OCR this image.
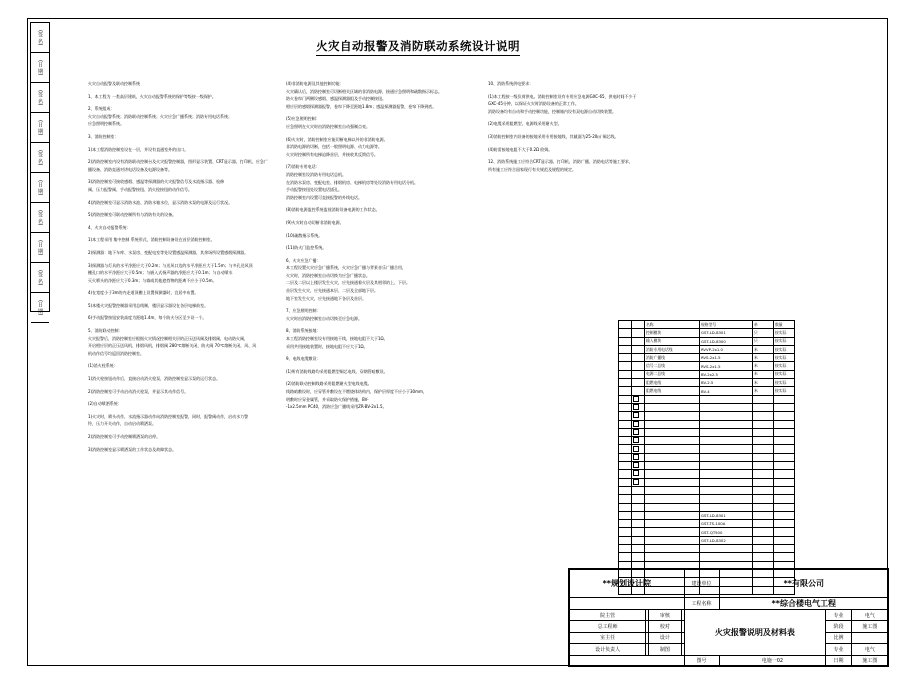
(签 名)
(日 期)
(签 名)
(日 期)
(签 名)
(日 期)
(签 名)
(日 期)
(签 名)
(日 期)
火灾自动报警及消防联动系统设计说明

火灾自动报警及联动控制系统

1、本工程为 一类高层建筑，火灾自动报警系统的保护等级按一级保护。

2、系统组成：

火灾自动报警系统；消防联动控制系统；火灾应急广播系统；消防专用电话系统；

应急照明控制系统。

3、消防控制室：

1)本工程消防控制室设在一层，并设有直通室外的出口。

2)消防控制室内设有消防联动控制台及火灾报警控制器，图形显示装置、CRT显示器、打印机、应急广

播设备、消防直通对讲电话设备及电源设备等。

3)消防控制室可接收感烟、感温等探测器的火灾报警信号及水流指示器、检修

阀、压力报警阀、手动报警按钮、消火栓按钮的动作信号。

4)消防控制室可显示消防水池、消防水箱水位，显示消防水泵的电源及运行状况。

5)消防控制室可联动控制所有与消防有关的设备。

4、火灾自动报警系统：

1)本工程采用 集中控制 系统形式，消防控制设备设在首层消防控制室。

2)探测器：地下车库、水泵房、变配电室等处设置感温探测器，其余场所设置感烟探测器。

3)探测器与灯具的水平净距应大于0.2m；与送风口边的水平净距应大于1.5m；与多孔送风顶

棚孔口的水平净距应大于0.5m；与嵌入式扬声器的净距应大于0.1m；与自动喷水

灭火喷头的净距应大于0.3m；与墙或其他遮挡物的距离不应小于0.5m。

4)在宽度小于3m的内走道顶棚上设置探测器时，宜居中布置。

5)本楼火灾报警控制器采用总线制，楼层显示器设在各层电梯前室。

6)手动报警按钮安装高度为距地1.4m，每个防火分区至少设一个。

5、消防联动控制：

火灾报警后，消防控制室应根据火灾情况控制相关层的正压送风阀及排烟阀，电动防火阀，

开启相应层的正压送风机、排烟风机，排烟阀 280℃熔断关闭，防火阀 70℃熔断关闭，风、风

机动作信号均返回消防控制室。

(1)消火栓系统：

1)消火栓按钮动作后，直接启动消火栓泵，消防控制室显示泵的运行状态。

2)消防控制室可手动启动消火栓泵，并显示其动作信号。

(2)自动喷洒系统：

1)火灾时，喷头动作，水流指示器动作向消防控制室报警，同时，报警阀动作，启动水力警

铃，压力开关动作，自动启动喷洒泵。

2)消防控制室可手动控制喷洒泵的启停。

3)消防控制室显示喷洒泵的工作状态及故障状态。

(4)非消防电源及其他控制功能：

火灾确认后，消防控制室可切断相关区域的非消防电源，接通应急照明和疏散指示标志。

防火卷帘门两侧设感烟、感温探测器组及手动控制按钮。

相应层的感烟探测器报警，卷帘下降至距地1.8m；感温探测器报警，卷帘下降到底。

(5)应急照明控制：

应急照明在火灾时由消防控制室自动强制点亮。

(6)火灾时，消防控制室应能切断电梯以外的非消防电源。

非消防电源的切断，包括一般照明电源、动力电源等。

火灾时控制所有电梯迫降首层，并接收其反馈信号。

(7)消防专用电话：

消防控制室设消防专用电话总机。

在消防水泵房、变配电室、排烟机房、电梯机房等处设消防专用电话分机。

手动报警按钮处设置电话插孔。

消防控制室内设置可直接报警的外线电话。

(8)消防电源监控系统监视消防设备电源的工作状态。

(9)火灾时自动切断非消防电源。

(10)疏散指示系统。

(11)防火门监控系统。

6、火灾应急广播：

本工程设置火灾应急广播系统，火灾应急广播与背景音乐广播合用，

火灾时，消防控制室自动切换为应急广播状态。

二层及二层以上楼层发生火灾，应先接通着火层及其相邻的上、下层。

首层发生火灾，应先接通本层、二层及全部地下层。

地下室发生火灾，应先接通地下各层及首层。

7、应急照明控制：

火灾时由消防控制室自动切换至应急电源。

8、消防系统接地：

本工程消防控制室设专用接地干线，接地电阻不大于1Ω。

采用共用接地装置时，接地电阻不应大于1Ω。

9、电线电缆敷设：

(1)所有消防线路均采用阻燃型铜芯电线，穿钢管暗敷设。

(2)消防联动控制线路采用阻燃耐火型电线电缆。

线路暗敷设时，应穿管并敷设在不燃烧体结构内，保护层厚度不应小于30mm，

明敷时应穿金属管，并采取防火保护措施，BV-

-1x2.5mm PC40，消防应急广播线采用ZR-BV-2x1.5。

10、消防系统供电要求：

(1)本工程按一级负荷供电。消防控制室设有专用应急电源GXC-65，供电时间不少于

GXC-45分钟，以保证火灾时消防设备的正常工作。

消防设备均有自动和手动控制功能，控制箱内设有双电源自动切换装置。

(2)电缆采用阻燃型，电源线采用耐火型。

(3)消防控制室内设备的接地采用专用接地线，其截面为25-20㎡ 铜芯线。

(4)防雷接地电阻不大于0.2Ω 欧姆。

12、消防系统施工应符合CRT显示器、打印机、消防广播、消防电话等施工要求，

所有施工应符合国家现行有关规范及规程的规定。

		名称	规格型号	单	数量
		控制模块	GST-LD-8301	只	按实际
		输入模块	GST-LD-8300	只	按实际
		消防专用电话线	RVVP-2x1.0	米	按实际
		消防广播线	RVS-2x1.5	米	按实际
		信号二总线	RVS-2x1.5	米	按实际
		电源二总线	BV-2x2.5	米	按实际
		阻燃电线	BV-2.5	米	按实际
		阻燃电线	BV-4	米	按实际

			GST-LD-8301		
			GST-TS-100A		
			GST-QT500		
			GST-LD-8302		

**规划设计院				建设单位	**有限公司		
				工程名称	**综合楼电气工程		
院主管		审核		火灾报警说明及材料表		专业	电气
总工程师		校对				阶段	施工图
室主任		设计				比例	
设计负责人		制图				专业	电气
				图号	电施一02	日期	施工图
